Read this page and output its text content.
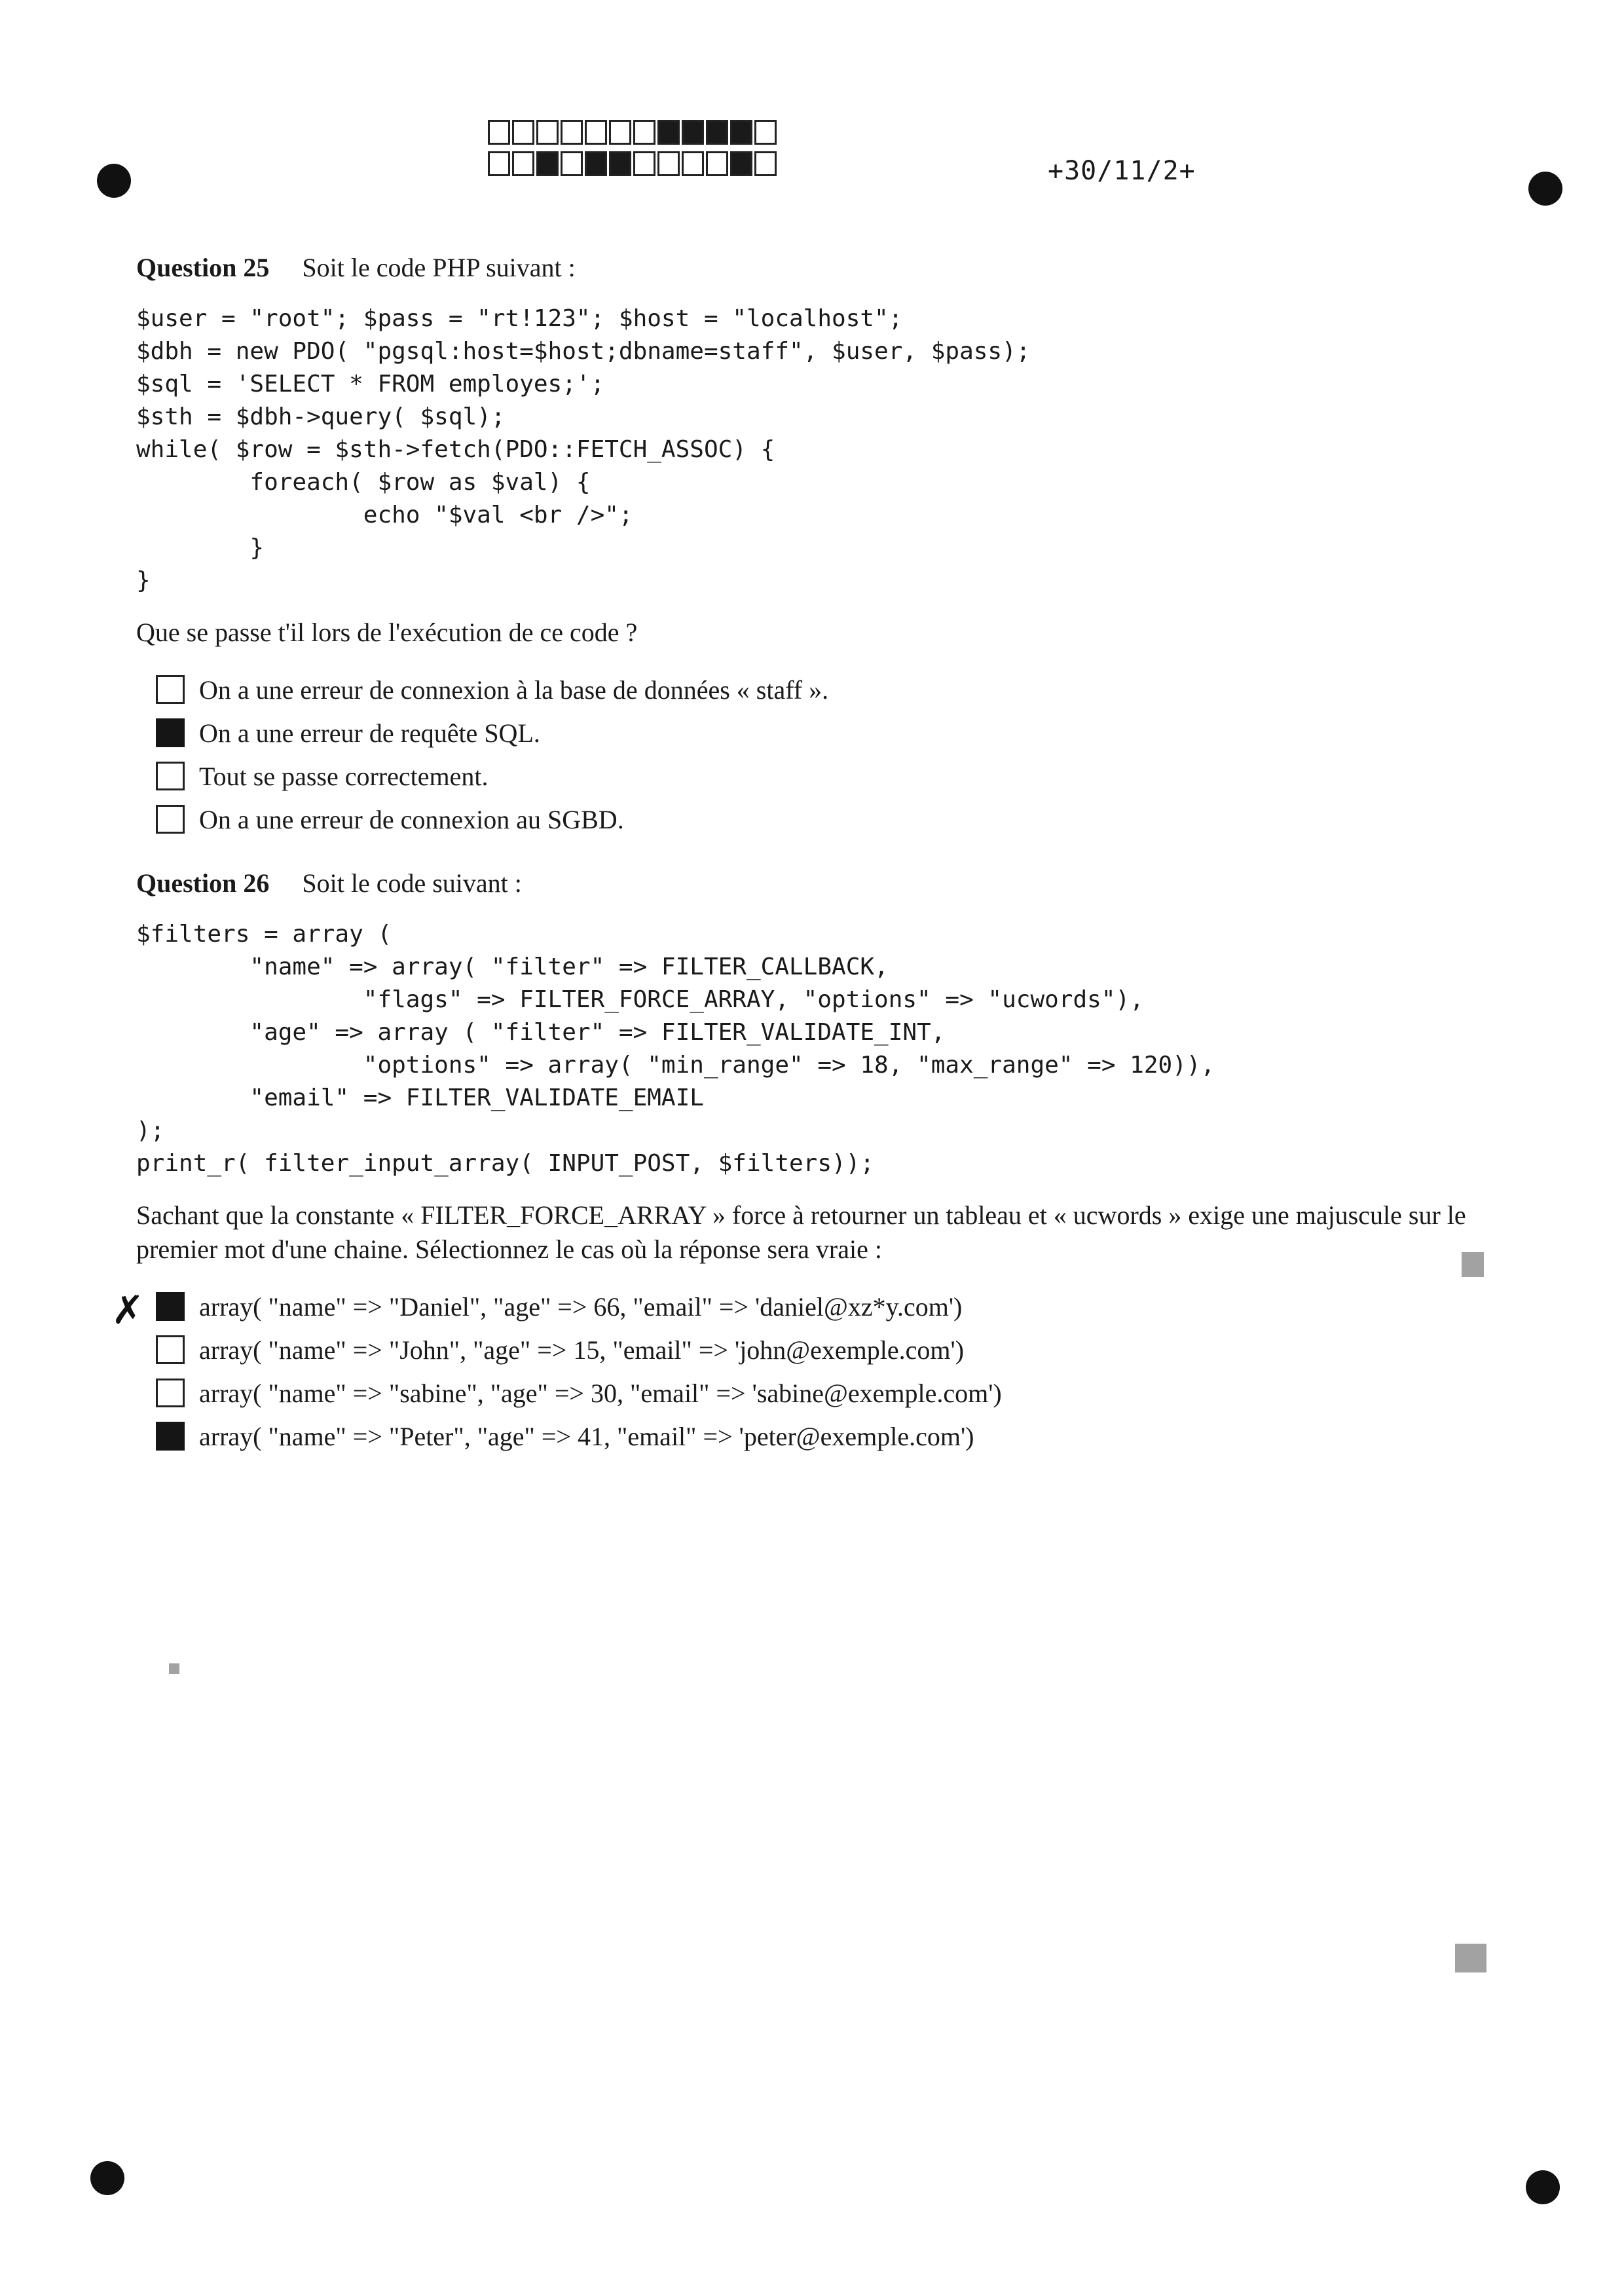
+30/11/2+
Question 25 Soit le code PHP suivant :
$user = "root"; $pass = "rt!123"; $host = "localhost";
$dbh = new PDO( "pgsql:host=$host;dbname=staff", $user, $pass);
$sql = 'SELECT * FROM employes;';
$sth = $dbh->query( $sql);
while( $row = $sth->fetch(PDO::FETCH_ASSOC) {
foreach( $row as $val) {
echo "$val <br />";
}
}

Que se passe t'il lors de l'exécution de ce code ?

On a une erreur de connexion à la base de données « staff ».
On a une erreur de requête SQL.
Tout se passe correctement.
On a une erreur de connexion au SGBD.
Question 26 Soit le code suivant :
$filters = array (
"name" => array( "filter" => FILTER_CALLBACK,
"flags" => FILTER_FORCE_ARRAY, "options" => "ucwords"),
"age" => array ( "filter" => FILTER_VALIDATE_INT,
"options" => array( "min_range" => 18, "max_range" => 120)),
"email" => FILTER_VALIDATE_EMAIL
);
print_r( filter_input_array( INPUT_POST, $filters));

Sachant que la constante « FILTER_FORCE_ARRAY » force à retourner un tableau et « ucwords » exige une majuscule sur le premier mot d'une chaine. Sélectionnez le cas où la réponse sera vraie :

✗ array( "name" => "Daniel", "age" => 66, "email" => 'daniel@xz*y.com')
array( "name" => "John", "age" => 15, "email" => 'john@exemple.com')
array( "name" => "sabine", "age" => 30, "email" => 'sabine@exemple.com')
array( "name" => "Peter", "age" => 41, "email" => 'peter@exemple.com')
